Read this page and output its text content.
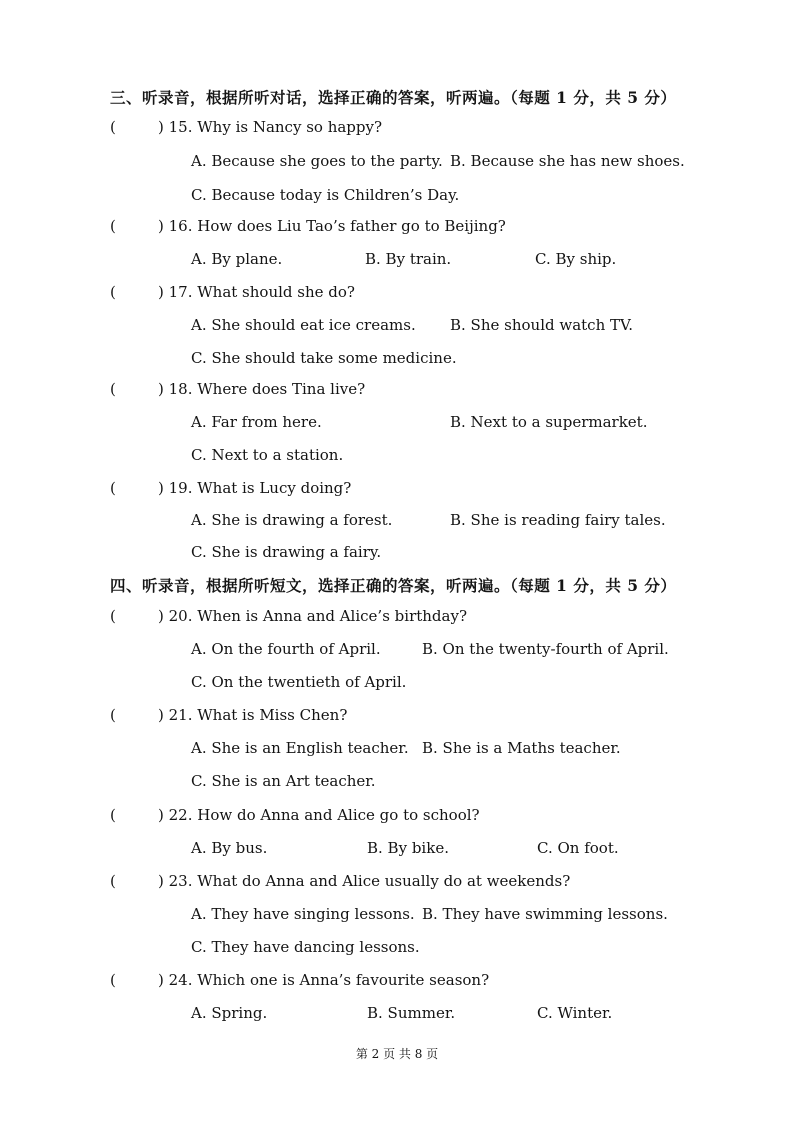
三、听录音，根据所听对话，选择正确的答案，听两遍。（每题 1 分，共 5 分）
(	) 15. Why is Nancy so happy?
A. Because she goes to the party. B. Because she has new shoes.
C. Because today is Children’s Day.
(	) 16. How does Liu Tao’s father go to Beijing?
A. By plane.	B. By train.	C. By ship.
(	) 17. What should she do?
A. She should eat ice creams. B. She should watch TV.
C. She should take some medicine.
(	) 18. Where does Tina live?
A. Far from here.	B. Next to a supermarket.
C. Next to a station.
(	) 19. What is Lucy doing?
A. She is drawing a forest.	B. She is reading fairy tales.
C. She is drawing a fairy.
四、听录音，根据所听短文，选择正确的答案，听两遍。（每题 1 分，共 5 分）
(	) 20. When is Anna and Alice’s birthday?
A. On the fourth of April.	B. On the twenty-fourth of April.
C. On the twentieth of April.
(	) 21. What is Miss Chen?
A. She is an English teacher. B. She is a Maths teacher.
C. She is an Art teacher.
(	) 22. How do Anna and Alice go to school?
A. By bus.	B. By bike.	C. On foot.
(	) 23. What do Anna and Alice usually do at weekends?
A. They have singing lessons. B. They have swimming lessons.
C. They have dancing lessons.
(	) 24. Which one is Anna’s favourite season?
A. Spring.	B. Summer.	C. Winter.
第 2 页 共 8 页
